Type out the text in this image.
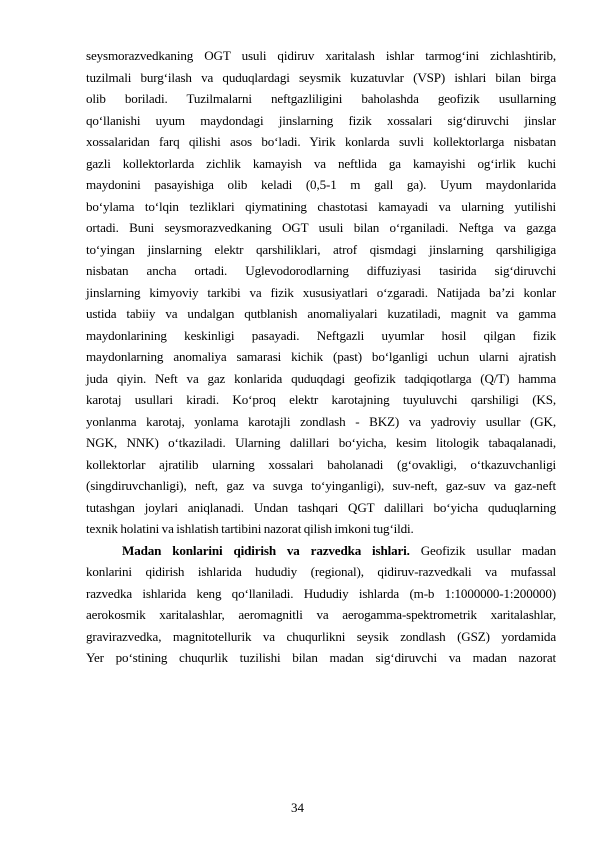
seysmorazvedkaning OGT usuli qidiruv xaritalash ishlar tarmog‘ini zichlashtirib,
tuzilmali burg‘ilash va quduqlardagi seysmik kuzatuvlar (VSP) ishlari bilan birga
olib boriladi. Tuzilmalarni neftgazliligini baholashda geofizik usullarning
qo‘llanishi uyum maydondagi jinslarning fizik xossalari sig‘diruvchi jinslar
xossalaridan farq qilishi asos bo‘ladi. Yirik konlarda suvli kollektorlarga nisbatan
gazli kollektorlarda zichlik kamayish va neftlida ga kamayishi og‘irlik kuchi
maydonini pasayishiga olib keladi (0,5-1 m gall ga). Uyum maydonlarida
bo‘ylama to‘lqin tezliklari qiymatining chastotasi kamayadi va ularning yutilishi
ortadi. Buni seysmorazvedkaning OGT usuli bilan o‘rganiladi. Neftga va gazga
to‘yingan jinslarning elektr qarshiliklari, atrof qismdagi jinslarning qarshiligiga
nisbatan ancha ortadi. Uglevodorodlarning diffuziyasi tasirida sig‘diruvchi
jinslarning kimyoviy tarkibi va fizik xususiyatlari o‘zgaradi. Natijada ba’zi konlar
ustida tabiiy va undalgan qutblanish anomaliyalari kuzatiladi, magnit va gamma
maydonlarining keskinligi pasayadi. Neftgazli uyumlar hosil qilgan fizik
maydonlarning anomaliya samarasi kichik (past) bo‘lganligi uchun ularni ajratish
juda qiyin. Neft va gaz konlarida quduqdagi geofizik tadqiqotlarga (Q/T) hamma
karotaj usullari kiradi. Ko‘proq elektr karotajning tuyuluvchi qarshiligi (KS,
yonlanma karotaj, yonlama karotajli zondlash - BKZ) va yadroviy usullar (GK,
NGK, NNK) o‘tkaziladi. Ularning dalillari bo‘yicha, kesim litologik tabaqalanadi,
kollektorlar ajratilib ularning xossalari baholanadi (g‘ovakligi, o‘tkazuvchanligi
(singdiruvchanligi), neft, gaz va suvga to‘yinganligi), suv-neft, gaz-suv va gaz-neft
tutashgan joylari aniqlanadi. Undan tashqari QGT dalillari bo‘yicha quduqlarning
texnik holatini va ishlatish tartibini nazorat qilish imkoni tug‘ildi.
Madan konlarini qidirish va razvedka ishlari. Geofizik usullar madan
konlarini qidirish ishlarida hududiy (regional), qidiruv-razvedkali va mufassal
razvedka ishlarida keng qo‘llaniladi. Hududiy ishlarda (m-b 1:1000000-1:200000)
aerokosmik xaritalashlar, aeromagnitli va aerogamma-spektrometrik xaritalashlar,
gravirazvedka, magnitotellurik va chuqurlikni seysik zondlash (GSZ) yordamida
Yer po‘stining chuqurlik tuzilishi bilan madan sig‘diruvchi va madan nazorat
34
